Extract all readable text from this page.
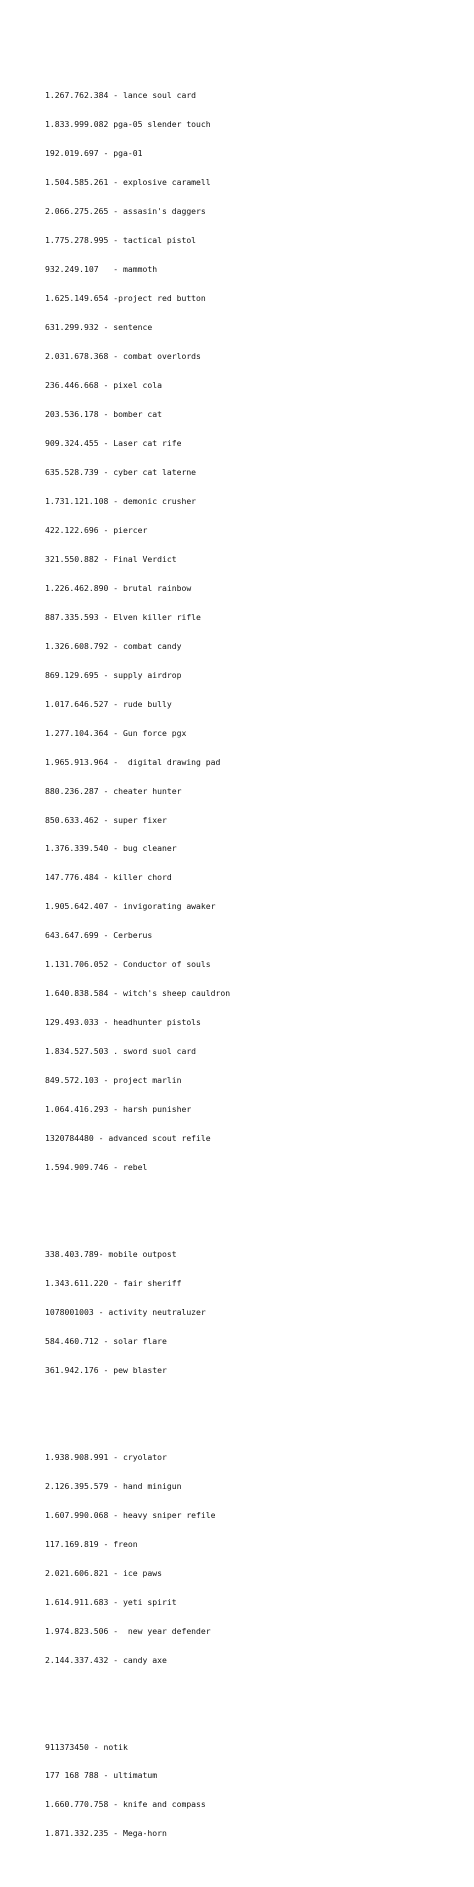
1.267.762.384 - lance soul card

1.833.999.082 pga-05 slender touch

192.019.697 - pga-01

1.504.585.261 - explosive caramell

2.066.275.265 - assasin's daggers

1.775.278.995 - tactical pistol

932.249.107   - mammoth

1.625.149.654 -project red button

631.299.932 - sentence

2.031.678.368 - combat overlords

236.446.668 - pixel cola

203.536.178 - bomber cat

909.324.455 - Laser cat rife

635.528.739 - cyber cat laterne

1.731.121.108 - demonic crusher

422.122.696 - piercer

321.550.882 - Final Verdict

1.226.462.890 - brutal rainbow

887.335.593 - Elven killer rifle

1.326.608.792 - combat candy

869.129.695 - supply airdrop

1.017.646.527 - rude bully

1.277.104.364 - Gun force pgx

1.965.913.964 -  digital drawing pad

880.236.287 - cheater hunter

850.633.462 - super fixer

1.376.339.540 - bug cleaner

147.776.484 - killer chord

1.905.642.407 - invigorating awaker

643.647.699 - Cerberus

1.131.706.052 - Conductor of souls

1.640.838.584 - witch's sheep cauldron

129.493.033 - headhunter pistols

1.834.527.503 . sword suol card

849.572.103 - project marlin

1.064.416.293 - harsh punisher

1320784480 - advanced scout refile

1.594.909.746 - rebel

338.403.789- mobile outpost

1.343.611.220 - fair sheriff

1078001003 - activity neutraluzer

584.460.712 - solar flare

361.942.176 - pew blaster

1.938.908.991 - cryolator

2.126.395.579 - hand minigun

1.607.990.068 - heavy sniper refile

117.169.819 - freon

2.021.606.821 - ice paws

1.614.911.683 - yeti spirit

1.974.823.506 -  new year defender

2.144.337.432 - candy axe

911373450 - notik

177 168 788 - ultimatum

1.660.770.758 - knife and compass

1.871.332.235 - Mega-horn
